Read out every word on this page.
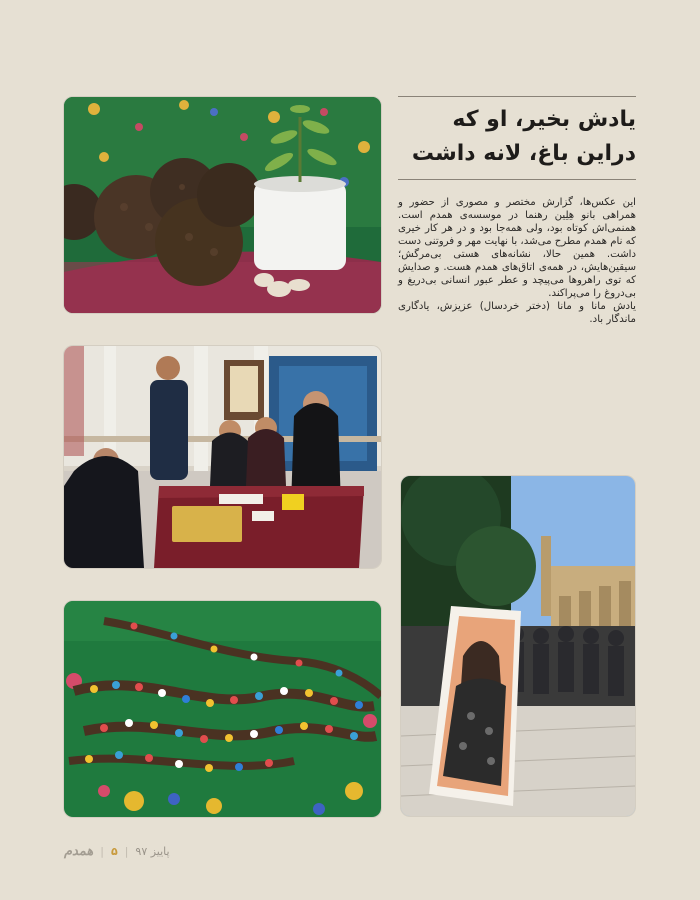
یادش بخیر، او که
دراین باغ، لانه داشت

این عکس‌ها، گزارش مختصر و مصوری از حضور و همراهی بانو هِلِین رهنما در موسسه‌ی همدم است. همنمی‌اش کوتاه بود، ولی همه‌جا بود و در هر کار خیری که نام همدم مطرح می‌شد، با نهایت مهر و فروتنی دست داشت. همین حالا، نشانه‌های هستی بی‌مرگش؛ سیقین‌هایش، در همه‌ی اتاق‌های همدم هست. و صدایش که توی راهروها می‌پیچد و عطر عبور انسانی بی‌دریغ و بی‌دروغ را می‌پراکند.

یادش مانا و مانا (دختر خردسال) عزیزش، یادگاری ماندگار باد.

همدم | ۵ | پاییز ۹۷
